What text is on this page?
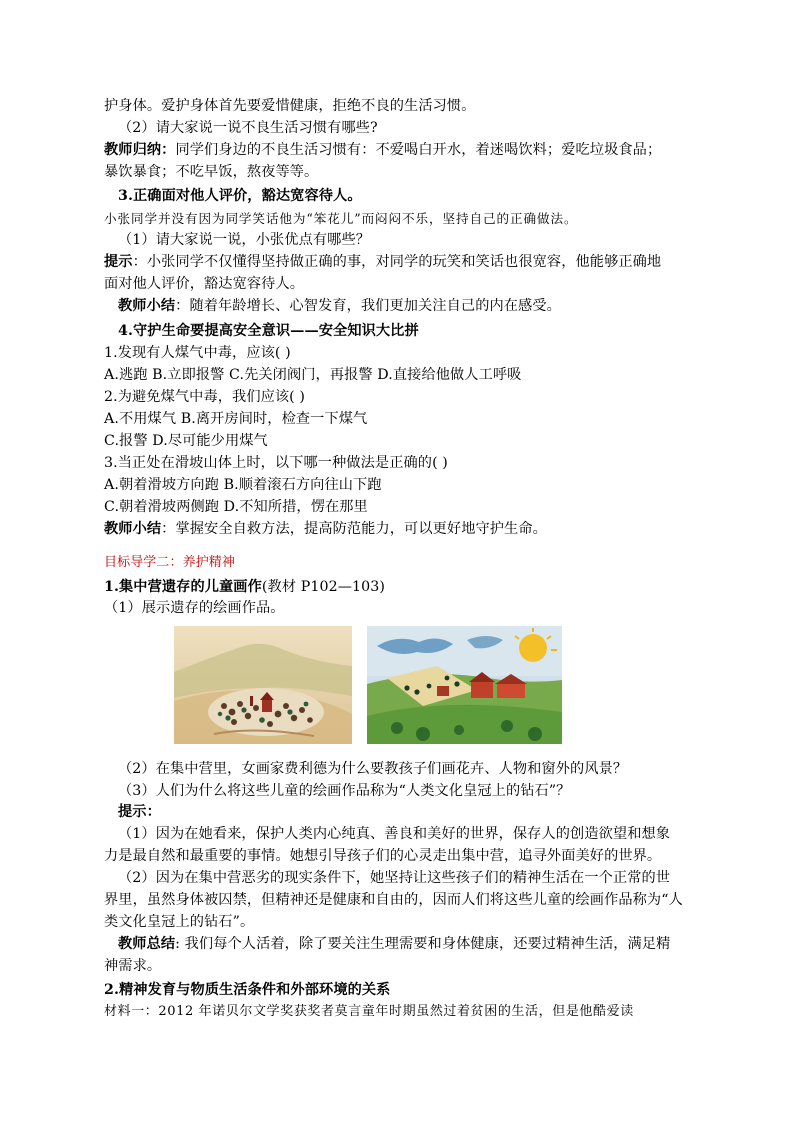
护身体。爱护身体首先要爱惜健康，拒绝不良的生活习惯。
（2）请大家说一说不良生活习惯有哪些?
教师归纳：同学们身边的不良生活习惯有：不爱喝白开水，着迷喝饮料；爱吃垃圾食品；
暴饮暴食；不吃早饭，熬夜等等。
3.正确面对他人评价，豁达宽容待人。
小张同学并没有因为同学笑话他为“笨花儿”而闷闷不乐，坚持自己的正确做法。
（1）请大家说一说，小张优点有哪些？
提示：小张同学不仅懂得坚持做正确的事，对同学的玩笑和笑话也很宽容，他能够正确地
面对他人评价，豁达宽容待人。
教师小结：随着年龄增长、心智发育，我们更加关注自己的内在感受。
4.守护生命要提高安全意识——安全知识大比拼
1.发现有人煤气中毒，应该( )
A.逃跑 B.立即报警 C.先关闭阀门，再报警 D.直接给他做人工呼吸
2.为避免煤气中毒，我们应该( )
A.不用煤气 B.离开房间时，检查一下煤气
C.报警 D.尽可能少用煤气
3.当正处在滑坡山体上时，以下哪一种做法是正确的( )
A.朝着滑坡方向跑 B.顺着滚石方向往山下跑
C.朝着滑坡两侧跑 D.不知所措，愣在那里
教师小结：掌握安全自救方法，提高防范能力，可以更好地守护生命。
目标导学二：养护精神
1.集中营遗存的儿童画作(教材 P102—103)
（1）展示遗存的绘画作品。
（2）在集中营里，女画家费利德为什么要教孩子们画花卉、人物和窗外的风景？
（3）人们为什么将这些儿童的绘画作品称为“人类文化皇冠上的钻石”？
提示：
（1）因为在她看来，保护人类内心纯真、善良和美好的世界，保存人的创造欲望和想象
力是最自然和最重要的事情。她想引导孩子们的心灵走出集中营，追寻外面美好的世界。
（2）因为在集中营恶劣的现实条件下，她坚持让这些孩子们的精神生活在一个正常的世
界里，虽然身体被囚禁，但精神还是健康和自由的，因而人们将这些儿童的绘画作品称为“人
类文化皇冠上的钻石”。
教师总结: 我们每个人活着，除了要关注生理需要和身体健康，还要过精神生活，满足精
神需求。
2.精神发育与物质生活条件和外部环境的关系
材料一：2012 年诺贝尔文学奖获奖者莫言童年时期虽然过着贫困的生活，但是他酷爱读
